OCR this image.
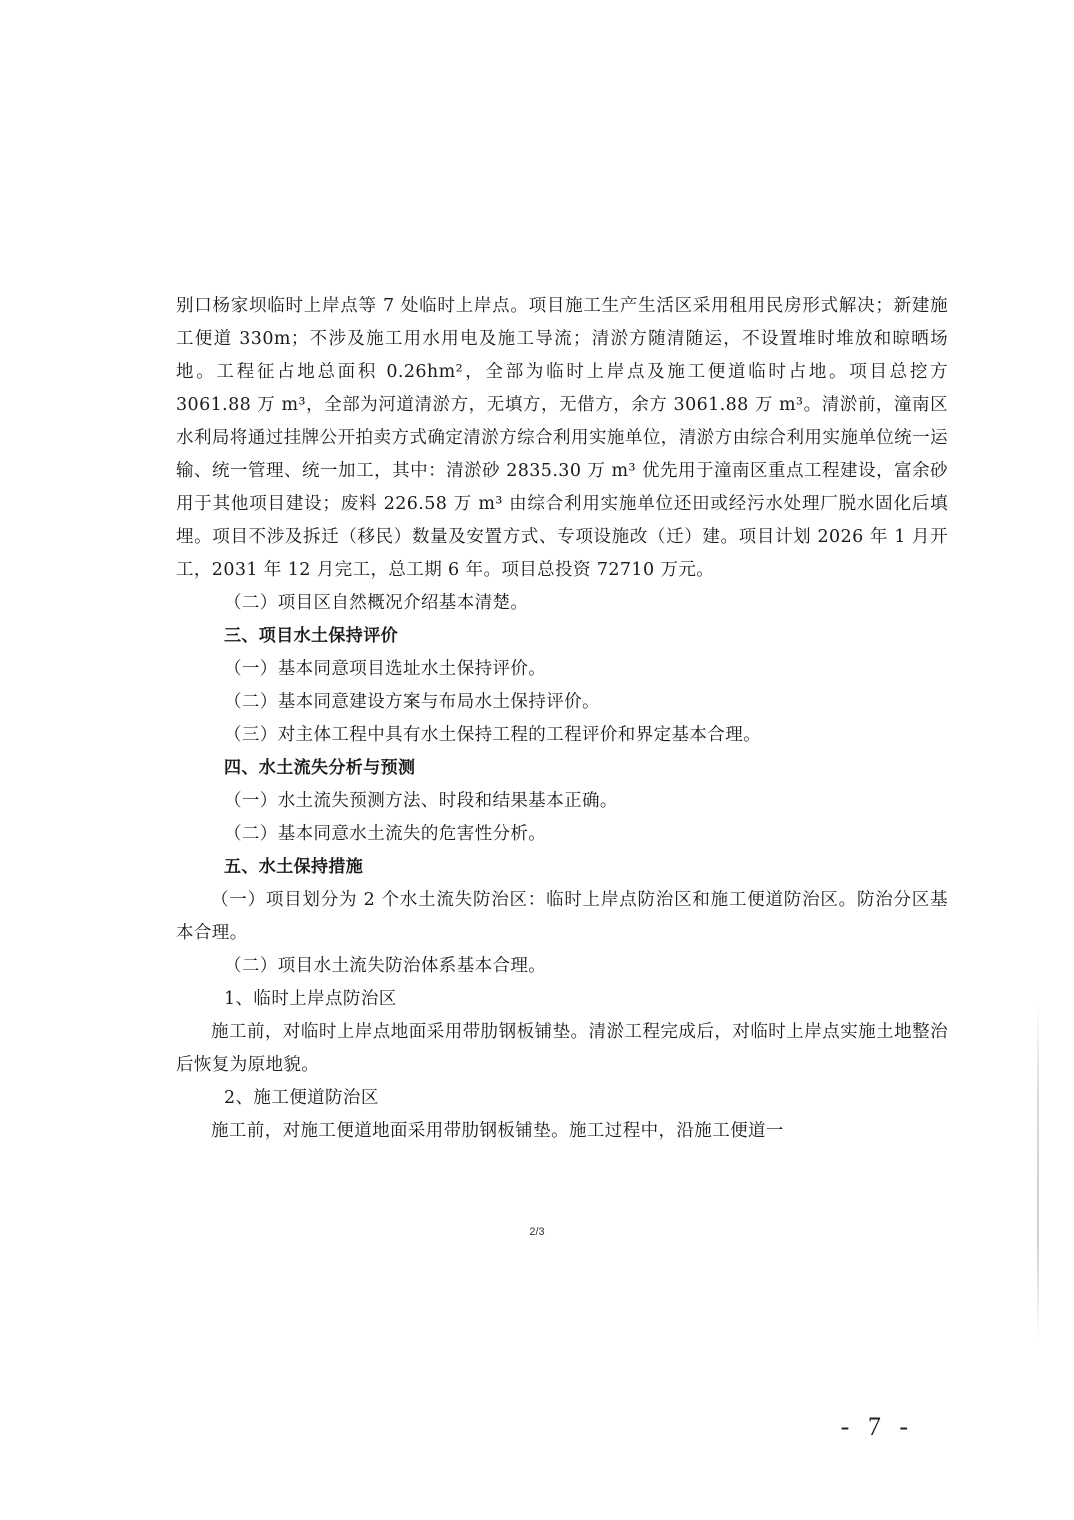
别口杨家坝临时上岸点等 7 处临时上岸点。项目施工生产生活区采用租用民房形式解决；新建施工便道 330m；不涉及施工用水用电及施工导流；清淤方随清随运，不设置堆时堆放和晾晒场地。工程征占地总面积 0.26hm²，全部为临时上岸点及施工便道临时占地。项目总挖方 3061.88 万 m³，全部为河道清淤方，无填方，无借方，余方 3061.88 万 m³。清淤前，潼南区水利局将通过挂牌公开拍卖方式确定清淤方综合利用实施单位，清淤方由综合利用实施单位统一运输、统一管理、统一加工，其中：清淤砂 2835.30 万 m³ 优先用于潼南区重点工程建设，富余砂用于其他项目建设；废料 226.58 万 m³ 由综合利用实施单位还田或经污水处理厂脱水固化后填埋。项目不涉及拆迁（移民）数量及安置方式、专项设施改（迁）建。项目计划 2026 年 1 月开工，2031 年 12 月完工，总工期 6 年。项目总投资 72710 万元。

（二）项目区自然概况介绍基本清楚。

三、项目水土保持评价

（一）基本同意项目选址水土保持评价。

（二）基本同意建设方案与布局水土保持评价。

（三）对主体工程中具有水土保持工程的工程评价和界定基本合理。

四、水土流失分析与预测

（一）水土流失预测方法、时段和结果基本正确。

（二）基本同意水土流失的危害性分析。

五、水土保持措施

（一）项目划分为 2 个水土流失防治区：临时上岸点防治区和施工便道防治区。防治分区基本合理。

（二）项目水土流失防治体系基本合理。

1、临时上岸点防治区

施工前，对临时上岸点地面采用带肋钢板铺垫。清淤工程完成后，对临时上岸点实施土地整治后恢复为原地貌。

2、施工便道防治区

施工前，对施工便道地面采用带肋钢板铺垫。施工过程中，沿施工便道一

2/3
- 7 -
